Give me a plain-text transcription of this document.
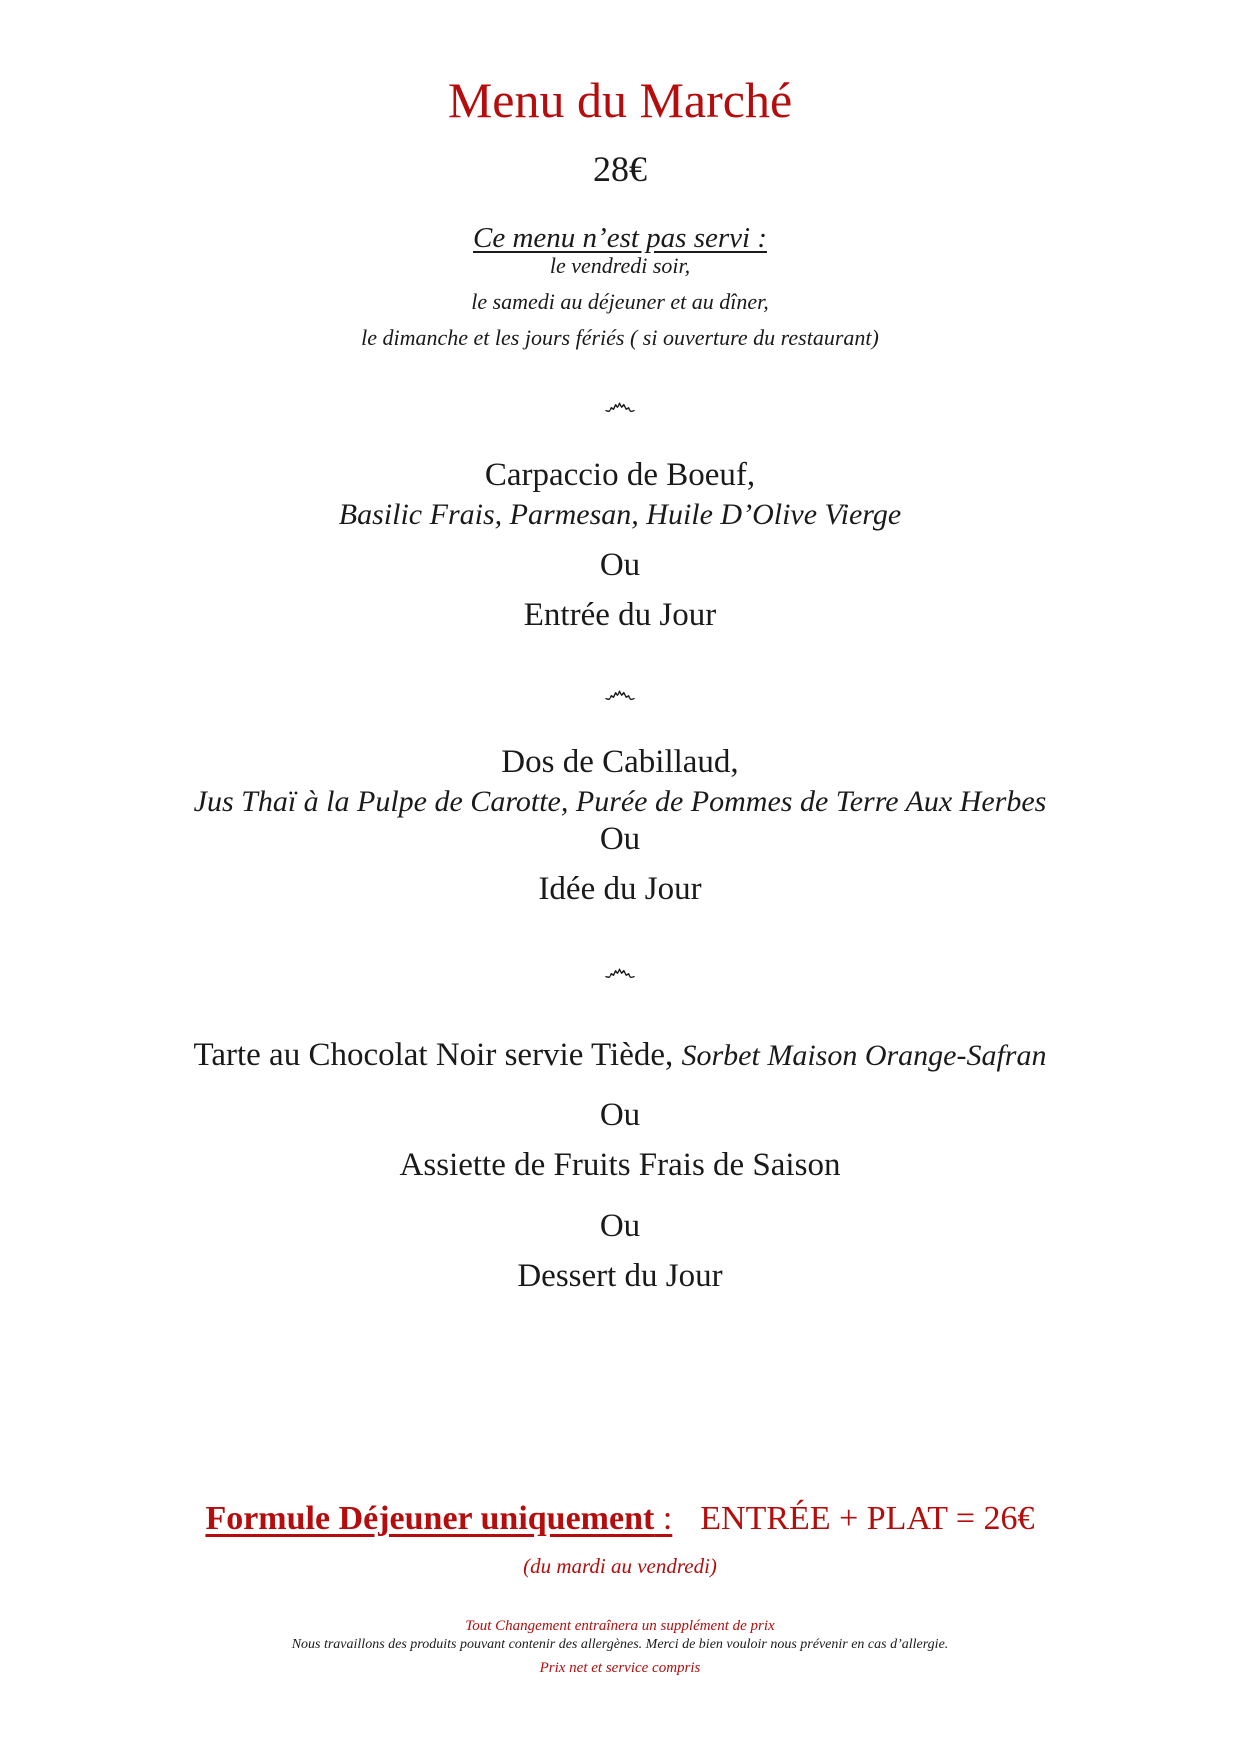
Menu du Marché
28€
Ce menu n’est pas servi :
le vendredi soir,
le samedi au déjeuner et au dîner,
le dimanche et les jours fériés ( si ouverture du restaurant)
෴
Carpaccio de Boeuf,
Basilic Frais, Parmesan, Huile D’Olive Vierge
Ou
Entrée du Jour
෴
Dos de Cabillaud,
Jus Thaï à la Pulpe de Carotte, Purée de Pommes de Terre Aux Herbes
Ou
Idée du Jour
෴
Tarte au Chocolat Noir servie Tiède, Sorbet Maison Orange-Safran
Ou
Assiette de Fruits Frais de Saison
Ou
Dessert du Jour
Formule Déjeuner uniquement : ENTRÉE + PLAT = 26€
(du mardi au vendredi)
Tout Changement entraînera un supplément de prix
Nous travaillons des produits pouvant contenir des allergènes. Merci de bien vouloir nous prévenir en cas d’allergie.
Prix net et service compris
